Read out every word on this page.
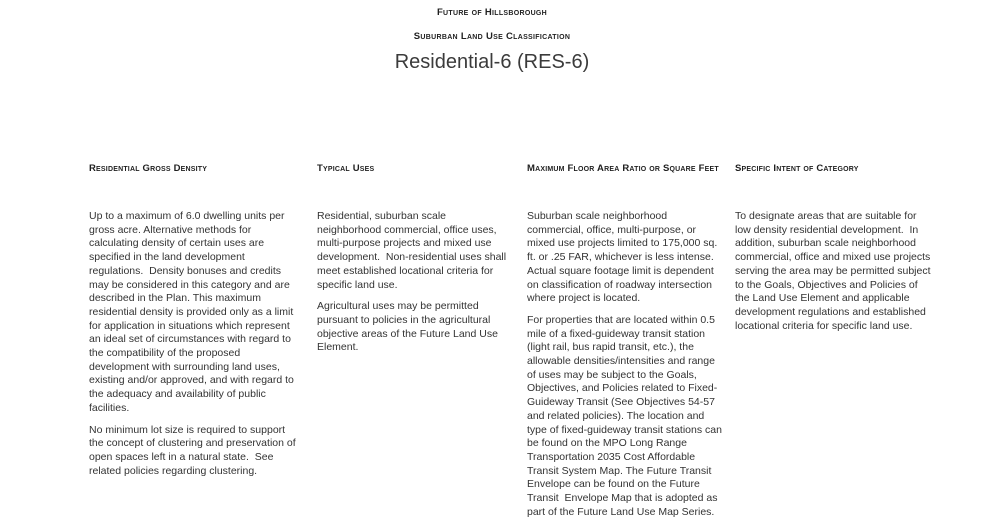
Future of Hillsborough
Suburban Land Use Classification
Residential-6 (RES-6)
Residential Gross Density

Up to a maximum of 6.0 dwelling units per gross acre. Alternative methods for calculating density of certain uses are specified in the land development regulations.  Density bonuses and credits may be considered in this category and are described in the Plan. This maximum residential density is provided only as a limit for application in situations which represent an ideal set of circumstances with regard to the compatibility of the proposed development with surrounding land uses, existing and/or approved, and with regard to the adequacy and availability of public facilities.

No minimum lot size is required to support the concept of clustering and preservation of open spaces left in a natural state.  See related policies regarding clustering.

Typical Uses

Residential, suburban scale neighborhood commercial, office uses, multi-purpose projects and mixed use development.  Non-residential uses shall meet established locational criteria for specific land use.

Agricultural uses may be permitted pursuant to policies in the agricultural objective areas of the Future Land Use Element.

Maximum Floor Area Ratio or Square Feet

Suburban scale neighborhood commercial, office, multi-purpose, or mixed use projects limited to 175,000 sq. ft. or .25 FAR, whichever is less intense.   Actual square footage limit is dependent on classification of roadway intersection where project is located.

For properties that are located within 0.5 mile of a fixed-guideway transit station (light rail, bus rapid transit, etc.), the allowable densities/intensities and range of uses may be subject to the Goals, Objectives, and Policies related to Fixed-Guideway Transit (See Objectives 54-57 and related policies). The location and type of fixed-guideway transit stations can be found on the MPO Long Range Transportation 2035 Cost Affordable Transit System Map. The Future Transit Envelope can be found on the Future Transit  Envelope Map that is adopted as part of the Future Land Use Map Series.

Specific Intent of Category

To designate areas that are suitable for low density residential development.  In addition, suburban scale neighborhood commercial, office and mixed use projects serving the area may be permitted subject to the Goals, Objectives and Policies of the Land Use Element and applicable development regulations and established locational criteria for specific land use.
